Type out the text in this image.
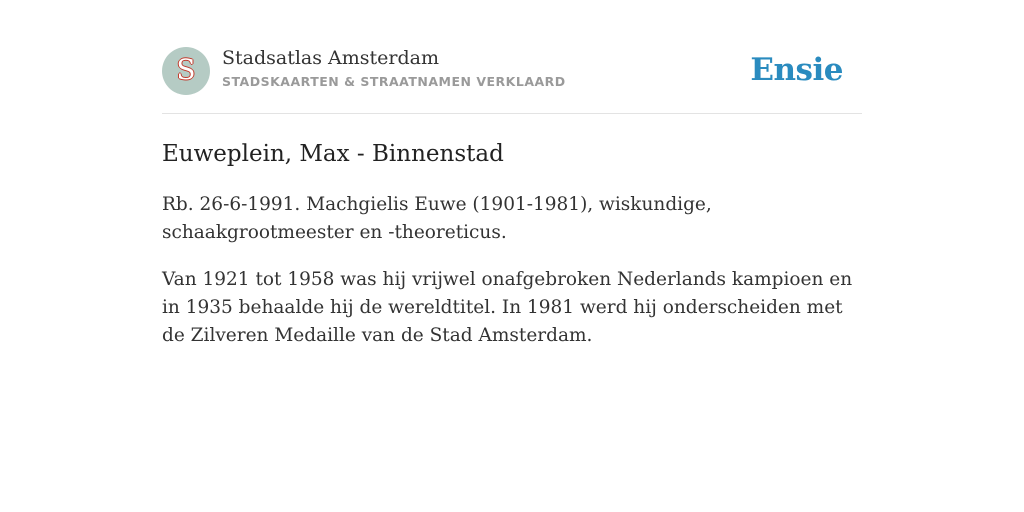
S Stadsatlas Amsterdam
STADSKAARTEN & STRAATNAMEN VERKLAARD	Ensie
Euweplein, Max - Binnenstad

Rb. 26-6-1991. Machgielis Euwe (1901-1981), wiskundige, schaakgrootmeester en -theoreticus.

Van 1921 tot 1958 was hij vrijwel onafgebroken Nederlands kampioen en in 1935 behaalde hij de wereldtitel. In 1981 werd hij onderscheiden met de Zilveren Medaille van de Stad Amsterdam.
